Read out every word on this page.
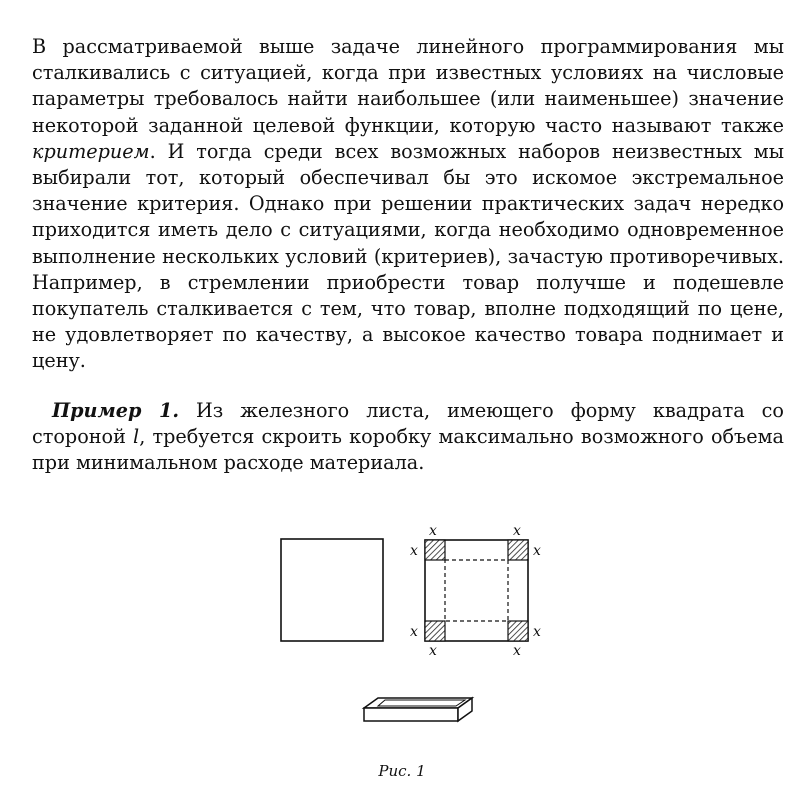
В рассматриваемой выше задаче линейного программирования мы сталкивались с ситуацией, когда при известных условиях на числовые параметры требовалось найти наибольшее (или наименьшее) значение некоторой заданной целевой функции, которую часто называют также критерием. И тогда среди всех возможных наборов неизвестных мы выбирали тот, который обеспечивал бы это искомое экстремальное значение критерия. Однако при решении практических задач нередко приходится иметь дело с ситуациями, когда необходимо одновременное выполнение нескольких условий (критериев), зачастую противоречивых. Например, в стремлении приобрести товар получше и подешевле покупатель сталкивается с тем, что товар, вполне подходящий по цене, не удовлетворяет по качеству, а высокое качество товара поднимает и цену.

Пример 1. Из железного листа, имеющего форму квадрата со стороной l, требуется скроить коробку максимально возможного объема при минимальном расходе материала.

x	x
x	x
x	x
x	x
Рис. 1
